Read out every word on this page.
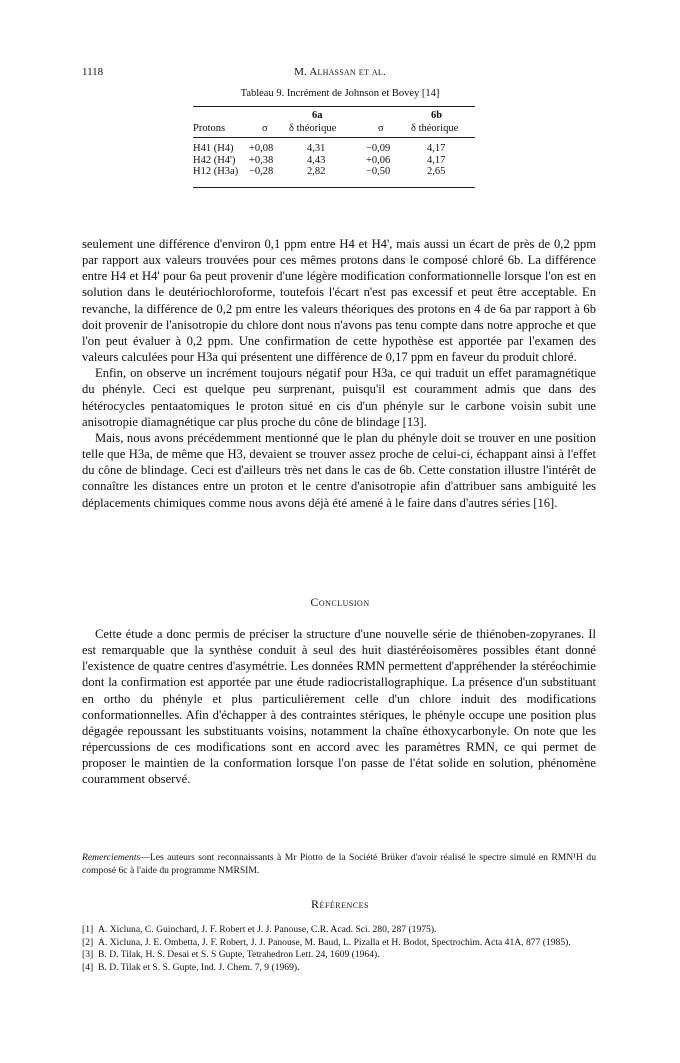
1118	M. Alhassan et al.
Tableau 9. Incrément de Johnson et Bovey [14]
6a	6b
Protons	σ δ théorique	σ	δ théorique
H41 (H4) +0,08	4,31	−0,09	4,17
H42 (H4') +0,38	4,43	+0,06	4,17
H12 (H3a) −0,28	2,82	−0,50	2,65

seulement une différence d'environ 0,1 ppm entre H4 et H4', mais aussi un écart de près de 0,2 ppm par rapport aux valeurs trouvées pour ces mêmes protons dans le composé chloré 6b. La différence entre H4 et H4' pour 6a peut provenir d'une légère modification conformationnelle lorsque l'on est en solution dans le deutériochloroforme, toutefois l'écart n'est pas excessif et peut être acceptable. En revanche, la différence de 0,2 pm entre les valeurs théoriques des protons en 4 de 6a par rapport à 6b doit provenir de l'anisotropie du chlore dont nous n'avons pas tenu compte dans notre approche et que l'on peut évaluer à 0,2 ppm. Une confirmation de cette hypothèse est apportée par l'examen des valeurs calculées pour H3a qui présentent une différence de 0,17 ppm en faveur du produit chloré.

Enfin, on observe un incrément toujours négatif pour H3a, ce qui traduit un effet paramagnétique du phényle. Ceci est quelque peu surprenant, puisqu'il est couramment admis que dans des hétérocycles pentaatomiques le proton situé en cis d'un phényle sur le carbone voisin subit une anisotropie diamagnétique car plus proche du cône de blindage [13].

Mais, nous avons précédemment mentionné que le plan du phényle doit se trouver en une position telle que H3a, de même que H3, devaient se trouver assez proche de celui-ci, échappant ainsi à l'effet du cône de blindage. Ceci est d'ailleurs très net dans le cas de 6b. Cette constation illustre l'intérêt de connaître les distances entre un proton et le centre d'anisotropie afin d'attribuer sans ambiguité les déplacements chimiques comme nous avons déjà été amené à le faire dans d'autres séries [16].

Conclusion

Cette étude a donc permis de préciser la structure d'une nouvelle série de thiénoben-zopyranes. Il est remarquable que la synthèse conduit à seul des huit diastéréoisomères possibles étant donné l'existence de quatre centres d'asymétrie. Les données RMN permettent d'appréhender la stéréochimie dont la confirmation est apportée par une étude radiocristallographique. La présence d'un substituant en ortho du phényle et plus particulièrement celle d'un chlore induit des modifications conformationnelles. Afin d'échapper à des contraintes stériques, le phényle occupe une position plus dégagée repoussant les substituants voisins, notamment la chaîne éthoxycarbonyle. On note que les répercussions de ces modifications sont en accord avec les paramètres RMN, ce qui permet de proposer le maintien de la conformation lorsque l'on passe de l'état solide en solution, phénomène couramment observé.

Remerciements—Les auteurs sont reconnaissants à Mr Piotto de la Société Brüker d'avoir réalisé le spectre simulé en RMN¹H du composé 6c à l'aide du programme NMRSIM.
Références
[1] A. Xicluna, C. Guinchard, J. F. Robert et J. J. Panouse, C.R. Acad. Sci. 280, 287 (1975).
[2] A. Xicluna, J. E. Ombetta, J. F. Robert, J. J. Panouse, M. Baud, L. Pizalla et H. Bodot, Spectrochim. Acta 41A, 877 (1985).
[3] B. D. Tilak, H. S. Desai et S. S Gupte, Tetrahedron Lett. 24, 1609 (1964).
[4] B. D. Tilak et S. S. Gupte, Ind. J. Chem. 7, 9 (1969).
